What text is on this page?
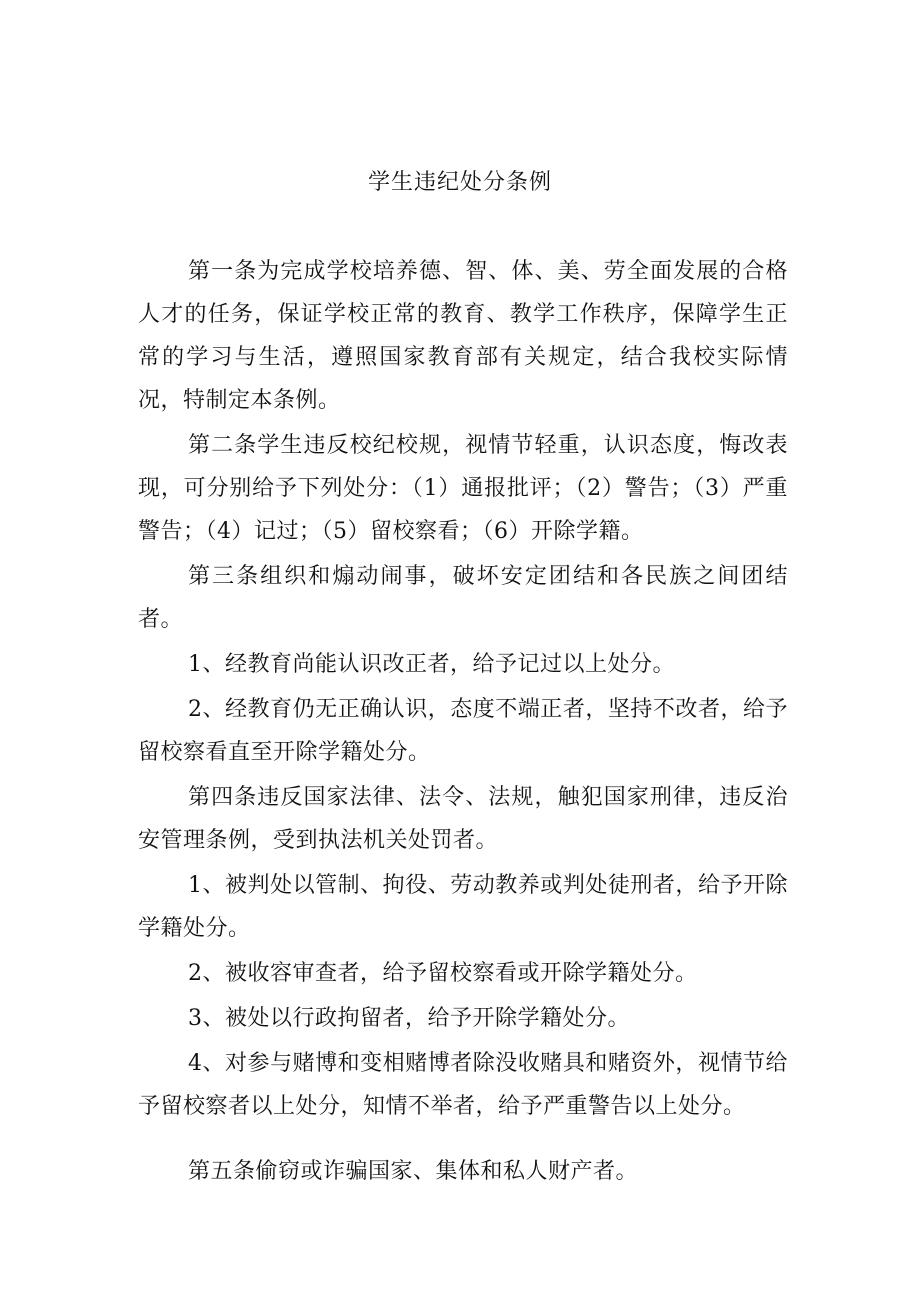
学生违纪处分条例

第一条为完成学校培养德、智、体、美、劳全面发展的合格人才的任务，保证学校正常的教育、教学工作秩序，保障学生正常的学习与生活，遵照国家教育部有关规定，结合我校实际情况，特制定本条例。

第二条学生违反校纪校规，视情节轻重，认识态度，悔改表现，可分别给予下列处分：（1）通报批评；（2）警告；（3）严重警告；（4）记过；（5）留校察看；（6）开除学籍。

第三条组织和煽动闹事，破坏安定团结和各民族之间团结者。

1、经教育尚能认识改正者，给予记过以上处分。

2、经教育仍无正确认识，态度不端正者，坚持不改者，给予留校察看直至开除学籍处分。

第四条违反国家法律、法令、法规，触犯国家刑律，违反治安管理条例，受到执法机关处罚者。

1、被判处以管制、拘役、劳动教养或判处徒刑者，给予开除学籍处分。

2、被收容审查者，给予留校察看或开除学籍处分。

3、被处以行政拘留者，给予开除学籍处分。

4、对参与赌博和变相赌博者除没收赌具和赌资外，视情节给予留校察者以上处分，知情不举者，给予严重警告以上处分。

第五条偷窃或诈骗国家、集体和私人财产者。
